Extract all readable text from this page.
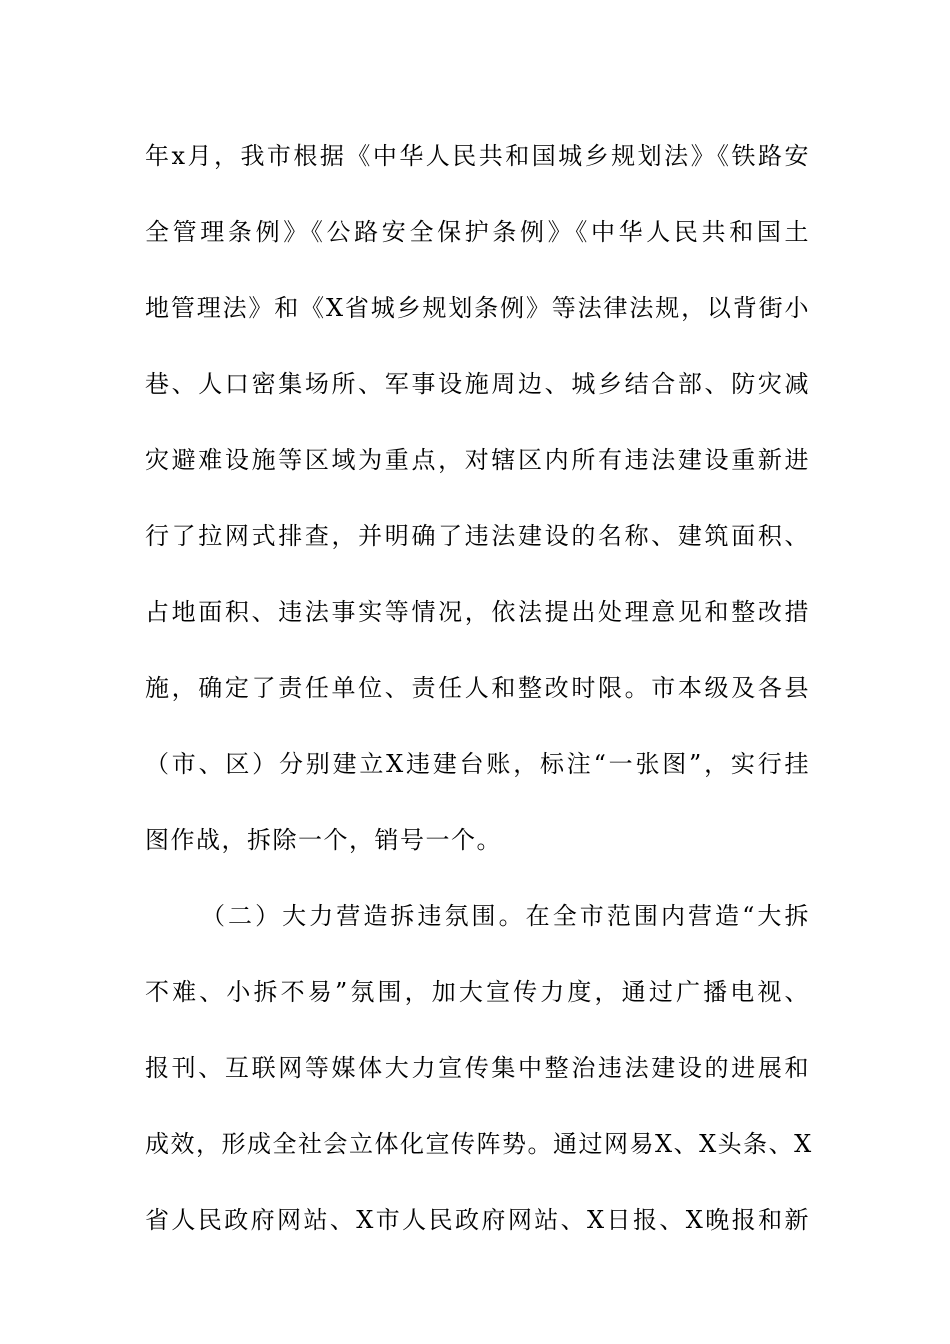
年x月，我市根据《中华人民共和国城乡规划法》《铁路安
全管理条例》《公路安全保护条例》《中华人民共和国土
地管理法》和《X省城乡规划条例》等法律法规，以背街小
巷、人口密集场所、军事设施周边、城乡结合部、防灾减
灾避难设施等区域为重点，对辖区内所有违法建设重新进
行了拉网式排查，并明确了违法建设的名称、建筑面积、
占地面积、违法事实等情况，依法提出处理意见和整改措
施，确定了责任单位、责任人和整改时限。市本级及各县
（市、区）分别建立X违建台账，标注“一张图”，实行挂
图作战，拆除一个，销号一个。
（二）大力营造拆违氛围。在全市范围内营造“大拆
不难、小拆不易”氛围，加大宣传力度，通过广播电视、
报刊、互联网等媒体大力宣传集中整治违法建设的进展和
成效，形成全社会立体化宣传阵势。通过网易X、X头条、X
省人民政府网站、X市人民政府网站、X日报、X晚报和新
